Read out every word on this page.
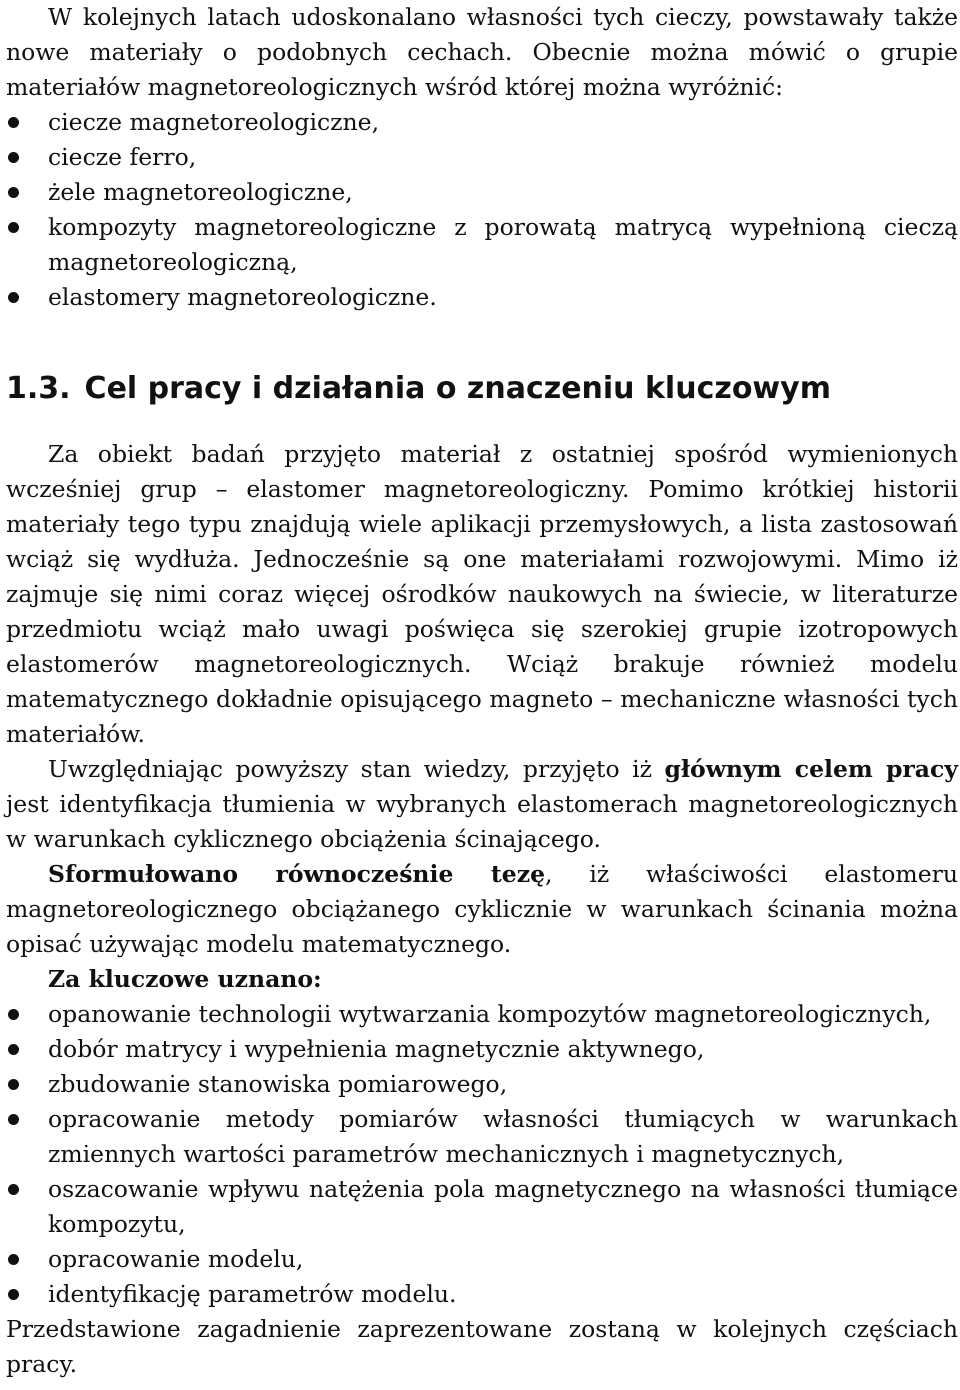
W kolejnych latach udoskonalano własności tych cieczy, powstawały także nowe materiały o podobnych cechach. Obecnie można mówić o grupie materiałów magnetoreologicznych wśród której można wyróżnić:

ciecze magnetoreologiczne,
ciecze ferro,
żele magnetoreologiczne,
kompozyty magnetoreologiczne z porowatą matrycą wypełnioną cieczą magnetoreologiczną,
elastomery magnetoreologiczne.
1.3. Cel pracy i działania o znaczeniu kluczowym

Za obiekt badań przyjęto materiał z ostatniej spośród wymienionych wcześniej grup – elastomer magnetoreologiczny. Pomimo krótkiej historii materiały tego typu znajdują wiele aplikacji przemysłowych, a lista zastosowań wciąż się wydłuża. Jednocześnie są one materiałami rozwojowymi. Mimo iż zajmuje się nimi coraz więcej ośrodków naukowych na świecie, w literaturze przedmiotu wciąż mało uwagi poświęca się szerokiej grupie izotropowych elastomerów magnetoreologicznych. Wciąż brakuje również modelu matematycznego dokładnie opisującego magneto – mechaniczne własności tych materiałów.

Uwzględniając powyższy stan wiedzy, przyjęto iż głównym celem pracy jest identyfikacja tłumienia w wybranych elastomerach magnetoreologicznych w warunkach cyklicznego obciążenia ścinającego.

Sformułowano równocześnie tezę, iż właściwości elastomeru magnetoreologicznego obciążanego cyklicznie w warunkach ścinania można opisać używając modelu matematycznego.

Za kluczowe uznano:

opanowanie technologii wytwarzania kompozytów magnetoreologicznych,
dobór matrycy i wypełnienia magnetycznie aktywnego,
zbudowanie stanowiska pomiarowego,
opracowanie metody pomiarów własności tłumiących w warunkach zmiennych wartości parametrów mechanicznych i magnetycznych,
oszacowanie wpływu natężenia pola magnetycznego na własności tłumiące kompozytu,
opracowanie modelu,
identyfikację parametrów modelu.

Przedstawione zagadnienie zaprezentowane zostaną w kolejnych częściach pracy.
